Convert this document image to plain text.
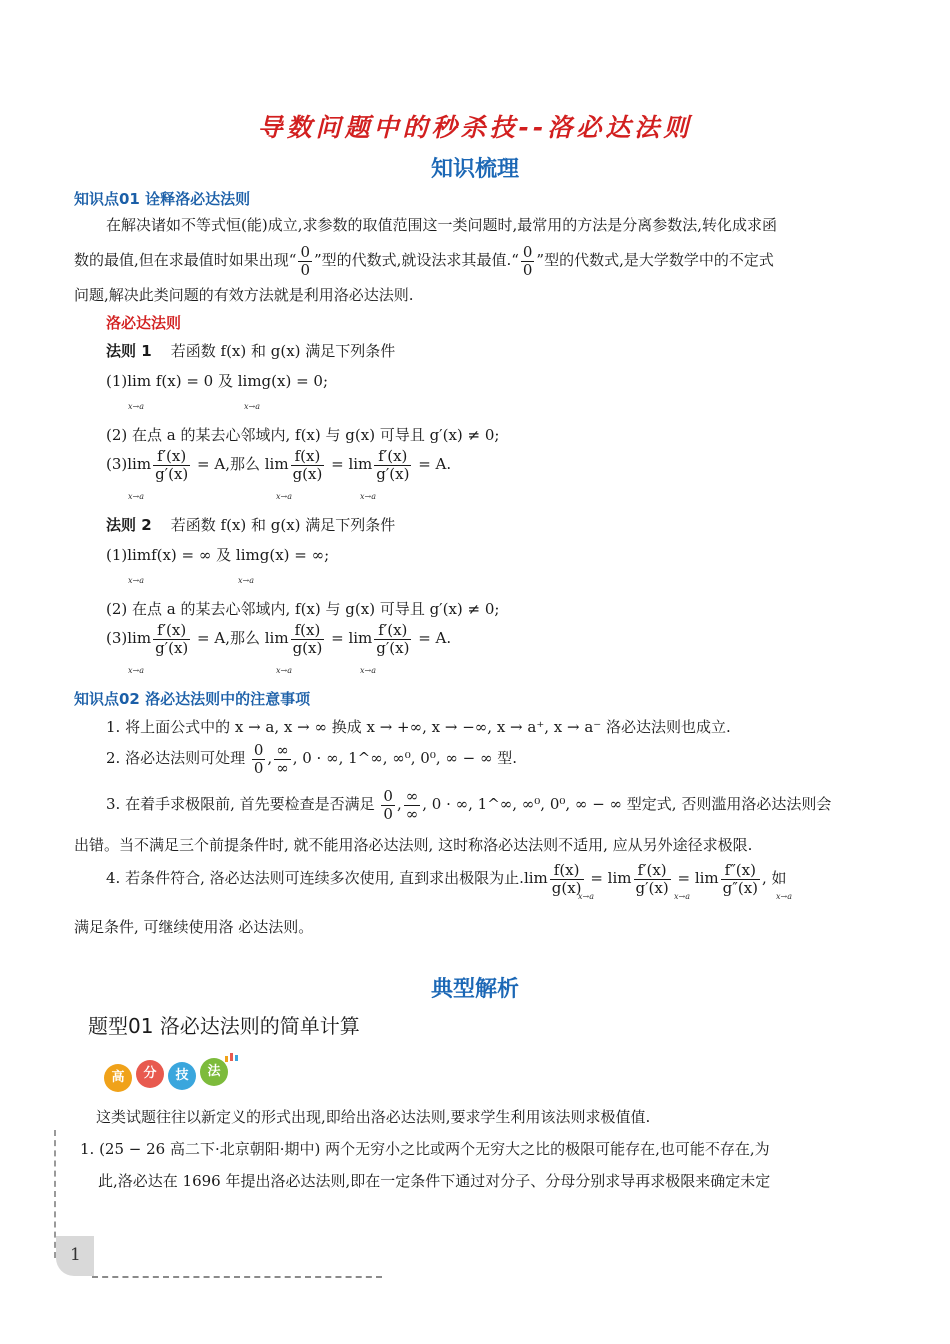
导数问题中的秒杀技--洛必达法则
知识梳理
知识点01 诠释洛必达法则
在解决诸如不等式恒(能)成立,求参数的取值范围这一类问题时,最常用的方法是分离参数法,转化成求函
数的最值,但在求最值时如果出现“ $\frac{0}{0}$ ”型的代数式,就设法求其最值.“ $\frac{0}{0}$ ”型的代数式,是大学数学中的不定式
问题,解决此类问题的有效方法就是利用洛必达法则.
洛必达法则
法则 1 若函数 f(x) 和 g(x) 满足下列条件
(1)lim f(x) = 0 及 limg(x) = 0;
x→a	x→a
(2) 在点 a 的某去心邻域内, f(x) 与 g(x) 可导且 g′(x) ≠ 0;
$(3)\lim \frac{f'(x)}{g'(x)} = A$,那么 $\lim \frac{f(x)}{g(x)} = \lim \frac{f'(x)}{g'(x)} = A$.
x→a	x→a	x→a
法则 2 若函数 f(x) 和 g(x) 满足下列条件
(1)limf(x) = ∞ 及 limg(x) = ∞;
x→a	x→a
(2) 在点 a 的某去心邻域内, f(x) 与 g(x) 可导且 g′(x) ≠ 0;
$(3)\lim \frac{f'(x)}{g'(x)} = A$,那么 $\lim \frac{f(x)}{g(x)} = \lim \frac{f'(x)}{g'(x)} = A$.
x→a	x→a	x→a
知识点02 洛必达法则中的注意事项
1. 将上面公式中的 x → a, x → ∞ 换成 x → +∞, x → −∞, x → a⁺, x → a⁻ 洛必达法则也成立.
2. 洛必达法则可处理 $\frac{0}{0}$ , $\frac{\infty}{\infty}$ , 0 · ∞, 1^∞, ∞⁰, 0⁰, ∞ − ∞ 型.
3. 在着手求极限前, 首先要检查是否满足 $\frac{0}{0}$ , $\frac{\infty}{\infty}$ , 0 · ∞, 1^∞, ∞⁰, 0⁰, ∞ − ∞ 型定式, 否则滥用洛必达法则会
出错。当不满足三个前提条件时, 就不能用洛必达法则, 这时称洛必达法则不适用, 应从另外途径求极限.
4. 若条件符合, 洛必达法则可连续多次使用, 直到求出极限为止$.\lim \frac{f(x)}{g(x)} = \lim \frac{f'(x)}{g'(x)} = \lim \frac{f''(x)}{g''(x)}$ , 如
x→a	x→a	x→a
满足条件, 可继续使用洛 必达法则。
典型解析
题型01 洛必达法则的简单计算
高	分	技	法
这类试题往往以新定义的形式出现,即给出洛必达法则,要求学生利用该法则求极值值.
1. (25 − 26 高二下·北京朝阳·期中) 两个无穷小之比或两个无穷大之比的极限可能存在,也可能不存在,为
此,洛必达在 1696 年提出洛必达法则,即在一定条件下通过对分子、分母分别求导再求极限来确定未定
1
